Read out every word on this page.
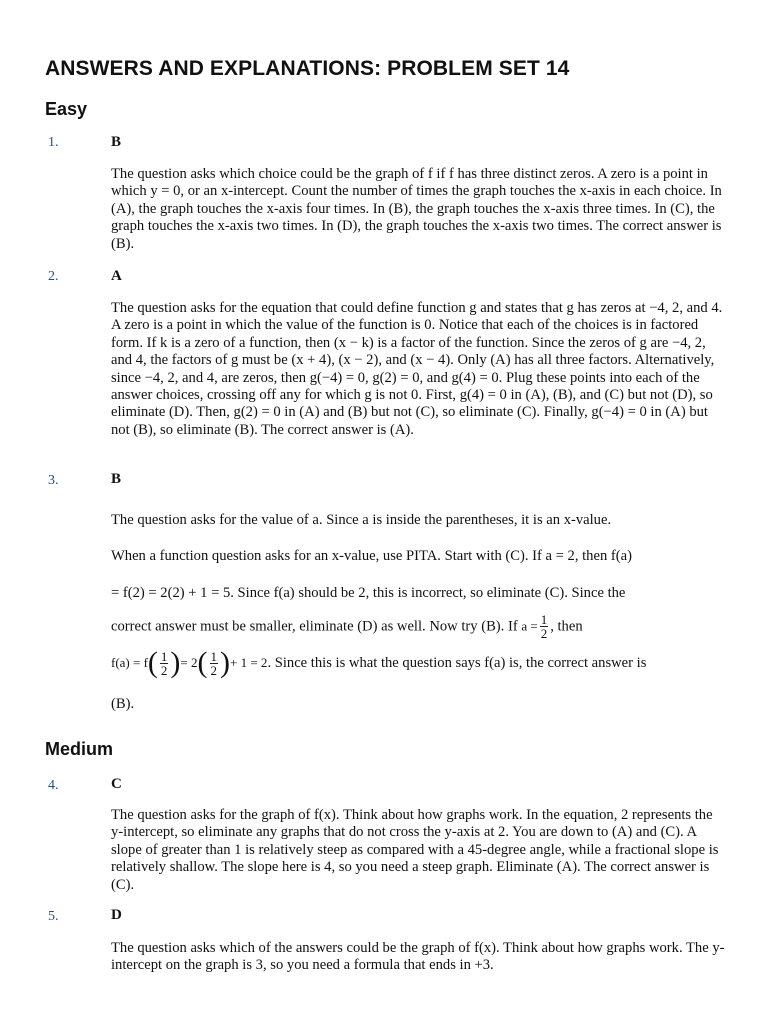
ANSWERS AND EXPLANATIONS: PROBLEM SET 14
Easy
1.	B

The question asks which choice could be the graph of f if f has three distinct zeros. A zero is a point in which y = 0, or an x-intercept. Count the number of times the graph touches the x-axis in each choice. In (A), the graph touches the x-axis four times. In (B), the graph touches the x-axis three times. In (C), the graph touches the x-axis two times. In (D), the graph touches the x-axis two times. The correct answer is (B).

2.	A

The question asks for the equation that could define function g and states that g has zeros at −4, 2, and 4. A zero is a point in which the value of the function is 0. Notice that each of the choices is in factored form. If k is a zero of a function, then (x − k) is a factor of the function. Since the zeros of g are −4, 2, and 4, the factors of g must be (x + 4), (x − 2), and (x − 4). Only (A) has all three factors. Alternatively, since −4, 2, and 4, are zeros, then g(−4) = 0, g(2) = 0, and g(4) = 0. Plug these points into each of the answer choices, crossing off any for which g is not 0. First, g(4) = 0 in (A), (B), and (C) but not (D), so eliminate (D). Then, g(2) = 0 in (A) and (B) but not (C), so eliminate (C). Finally, g(−4) = 0 in (A) but not (B), so eliminate (B). The correct answer is (A).

3.	B

The question asks for the value of a. Since a is inside the parentheses, it is an x-value.

When a function question asks for an x-value, use PITA. Start with (C). If a = 2, then f(a)

= f(2) = 2(2) + 1 = 5. Since f(a) should be 2, this is incorrect, so eliminate (C). Since the

correct answer must be smaller, eliminate (D) as well. Now try (B). If $a = \frac{1}{2}$ , then

$f(a) = f( \frac{1}{2}$ )= $2( \frac{1}{2}$ )+ 1 = 2. Since this is what the question says f(a) is, the correct answer is

(B).

Medium
4.	C

The question asks for the graph of f(x). Think about how graphs work. In the equation, 2 represents the y-intercept, so eliminate any graphs that do not cross the y-axis at 2. You are down to (A) and (C). A slope of greater than 1 is relatively steep as compared with a 45-degree angle, while a fractional slope is relatively shallow. The slope here is 4, so you need a steep graph. Eliminate (A). The correct answer is (C).

5.	D

The question asks which of the answers could be the graph of f(x). Think about how graphs work. The y-intercept on the graph is 3, so you need a formula that ends in +3.
